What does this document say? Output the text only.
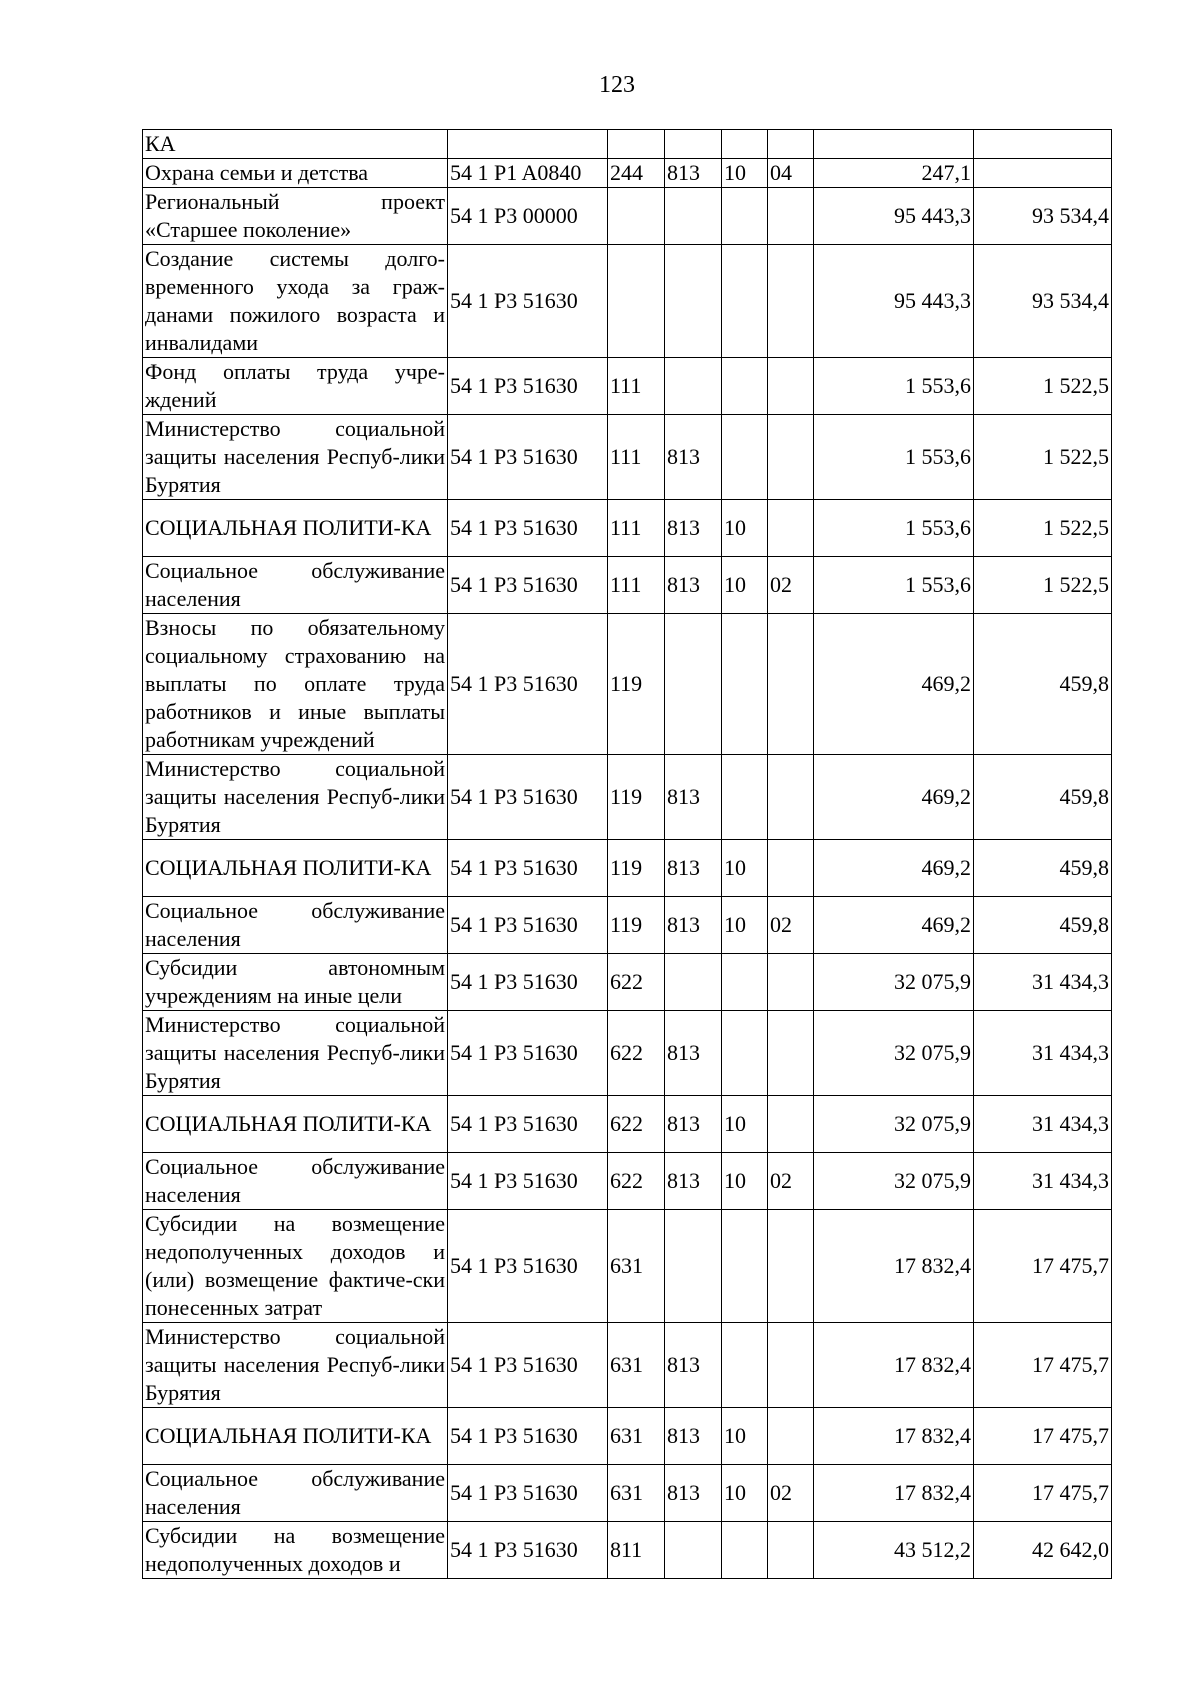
123
КА							
Охрана семьи и детства	54 1 P1 A0840	244	813	10	04	247,1	
Региональный проект «Старшее поколение»	54 1 P3 00000					95 443,3	93 534,4
Создание системы долго-временного ухода за граж-данами пожилого возраста и инвалидами	54 1 P3 51630					95 443,3	93 534,4
Фонд оплаты труда учре-ждений	54 1 P3 51630	111				1 553,6	1 522,5
Министерство социальной защиты населения Респуб-лики Бурятия	54 1 P3 51630	111	813			1 553,6	1 522,5
СОЦИАЛЬНАЯ ПОЛИТИ-КА	54 1 P3 51630	111	813	10		1 553,6	1 522,5
Социальное обслуживание населения	54 1 P3 51630	111	813	10	02	1 553,6	1 522,5
Взносы по обязательному социальному страхованию на выплаты по оплате труда работников и иные выплаты работникам учреждений	54 1 P3 51630	119				469,2	459,8
Министерство социальной защиты населения Респуб-лики Бурятия	54 1 P3 51630	119	813			469,2	459,8
СОЦИАЛЬНАЯ ПОЛИТИ-КА	54 1 P3 51630	119	813	10		469,2	459,8
Социальное обслуживание населения	54 1 P3 51630	119	813	10	02	469,2	459,8
Субсидии автономным учреждениям на иные цели	54 1 P3 51630	622				32 075,9	31 434,3
Министерство социальной защиты населения Респуб-лики Бурятия	54 1 P3 51630	622	813			32 075,9	31 434,3
СОЦИАЛЬНАЯ ПОЛИТИ-КА	54 1 P3 51630	622	813	10		32 075,9	31 434,3
Социальное обслуживание населения	54 1 P3 51630	622	813	10	02	32 075,9	31 434,3
Субсидии на возмещение недополученных доходов и (или) возмещение фактиче-ски понесенных затрат	54 1 P3 51630	631				17 832,4	17 475,7
Министерство социальной защиты населения Респуб-лики Бурятия	54 1 P3 51630	631	813			17 832,4	17 475,7
СОЦИАЛЬНАЯ ПОЛИТИ-КА	54 1 P3 51630	631	813	10		17 832,4	17 475,7
Социальное обслуживание населения	54 1 P3 51630	631	813	10	02	17 832,4	17 475,7
Субсидии на возмещение недополученных доходов и	54 1 P3 51630	811				43 512,2	42 642,0
